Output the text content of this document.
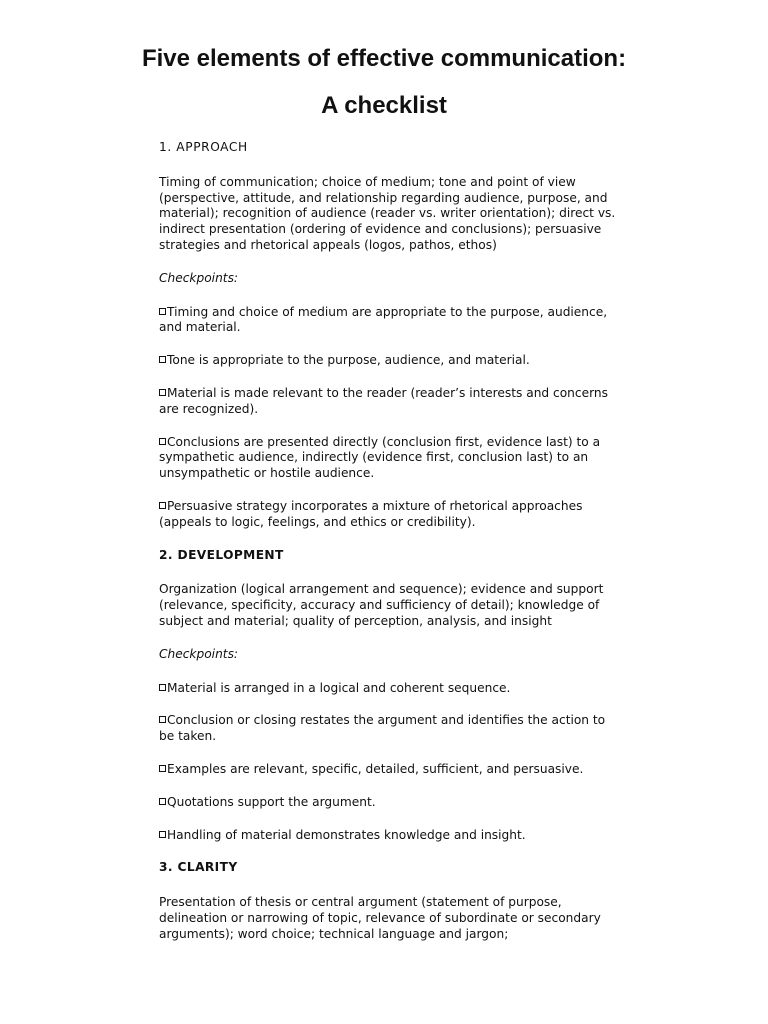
Five elements of effective communication:
A checklist
1. APPROACH
Timing of communication; choice of medium; tone and point of view (perspective, attitude, and relationship regarding audience, purpose, and material); recognition of audience (reader vs. writer orientation); direct vs. indirect presentation (ordering of evidence and conclusions); persuasive strategies and rhetorical appeals (logos, pathos, ethos)
Checkpoints:
Timing and choice of medium are appropriate to the purpose, audience, and material.
Tone is appropriate to the purpose, audience, and material.
Material is made relevant to the reader (reader’s interests and concerns are recognized).
Conclusions are presented directly (conclusion first, evidence last) to a sympathetic audience, indirectly (evidence first, conclusion last) to an unsympathetic or hostile audience.
Persuasive strategy incorporates a mixture of rhetorical approaches (appeals to logic, feelings, and ethics or credibility).
2. DEVELOPMENT
Organization (logical arrangement and sequence); evidence and support (relevance, specificity, accuracy and sufficiency of detail); knowledge of subject and material; quality of perception, analysis, and insight
Checkpoints:
Material is arranged in a logical and coherent sequence.
Conclusion or closing restates the argument and identifies the action to be taken.
Examples are relevant, specific, detailed, sufficient, and persuasive.
Quotations support the argument.
Handling of material demonstrates knowledge and insight.
3. CLARITY
Presentation of thesis or central argument (statement of purpose, delineation or narrowing of topic, relevance of subordinate or secondary arguments); word choice; technical language and jargon;
